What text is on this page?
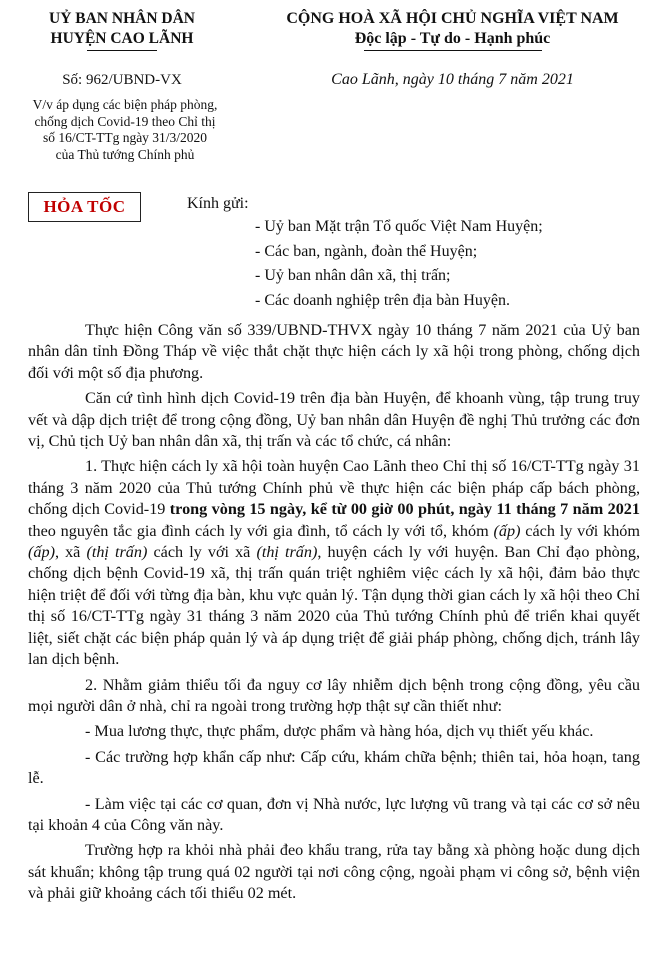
UỶ BAN NHÂN DÂN
HUYỆN CAO LÃNH
CỘNG HOÀ XÃ HỘI CHỦ NGHĨA VIỆT NAM
Độc lập - Tự do - Hạnh phúc
Số: 962/UBND-VX	Cao Lãnh, ngày 10 tháng 7 năm 2021
V/v áp dụng các biện pháp phòng,
chống dịch Covid-19 theo Chỉ thị
số 16/CT-TTg ngày 31/3/2020
của Thủ tướng Chính phủ
HỎA TỐC	Kính gửi:
- Uỷ ban Mặt trận Tổ quốc Việt Nam Huyện;
- Các ban, ngành, đoàn thể Huyện;
- Uỷ ban nhân dân xã, thị trấn;
- Các doanh nghiệp trên địa bàn Huyện.

Thực hiện Công văn số 339/UBND-THVX ngày 10 tháng 7 năm 2021 của Uỷ ban nhân dân tỉnh Đồng Tháp về việc thắt chặt thực hiện cách ly xã hội trong phòng, chống dịch đối với một số địa phương.

Căn cứ tình hình dịch Covid-19 trên địa bàn Huyện, để khoanh vùng, tập trung truy vết và dập dịch triệt để trong cộng đồng, Uỷ ban nhân dân Huyện đề nghị Thủ trưởng các đơn vị, Chủ tịch Uỷ ban nhân dân xã, thị trấn và các tổ chức, cá nhân:

1. Thực hiện cách ly xã hội toàn huyện Cao Lãnh theo Chỉ thị số 16/CT-TTg ngày 31 tháng 3 năm 2020 của Thủ tướng Chính phủ về thực hiện các biện pháp cấp bách phòng, chống dịch Covid-19 trong vòng 15 ngày, kể từ 00 giờ 00 phút, ngày 11 tháng 7 năm 2021 theo nguyên tắc gia đình cách ly với gia đình, tổ cách ly với tổ, khóm (ấp) cách ly với khóm (ấp), xã (thị trấn) cách ly với xã (thị trấn), huyện cách ly với huyện. Ban Chỉ đạo phòng, chống dịch bệnh Covid-19 xã, thị trấn quán triệt nghiêm việc cách ly xã hội, đảm bảo thực hiện triệt để đối với từng địa bàn, khu vực quản lý. Tận dụng thời gian cách ly xã hội theo Chỉ thị số 16/CT-TTg ngày 31 tháng 3 năm 2020 của Thủ tướng Chính phủ để triển khai quyết liệt, siết chặt các biện pháp quản lý và áp dụng triệt để giải pháp phòng, chống dịch, tránh lây lan dịch bệnh.

2. Nhằm giảm thiểu tối đa nguy cơ lây nhiễm dịch bệnh trong cộng đồng, yêu cầu mọi người dân ở nhà, chỉ ra ngoài trong trường hợp thật sự cần thiết như:

- Mua lương thực, thực phẩm, dược phẩm và hàng hóa, dịch vụ thiết yếu khác.

- Các trường hợp khẩn cấp như: Cấp cứu, khám chữa bệnh; thiên tai, hỏa hoạn, tang lễ.

- Làm việc tại các cơ quan, đơn vị Nhà nước, lực lượng vũ trang và tại các cơ sở nêu tại khoản 4 của Công văn này.

Trường hợp ra khỏi nhà phải đeo khẩu trang, rửa tay bằng xà phòng hoặc dung dịch sát khuẩn; không tập trung quá 02 người tại nơi công cộng, ngoài phạm vi công sở, bệnh viện và phải giữ khoảng cách tối thiểu 02 mét.
